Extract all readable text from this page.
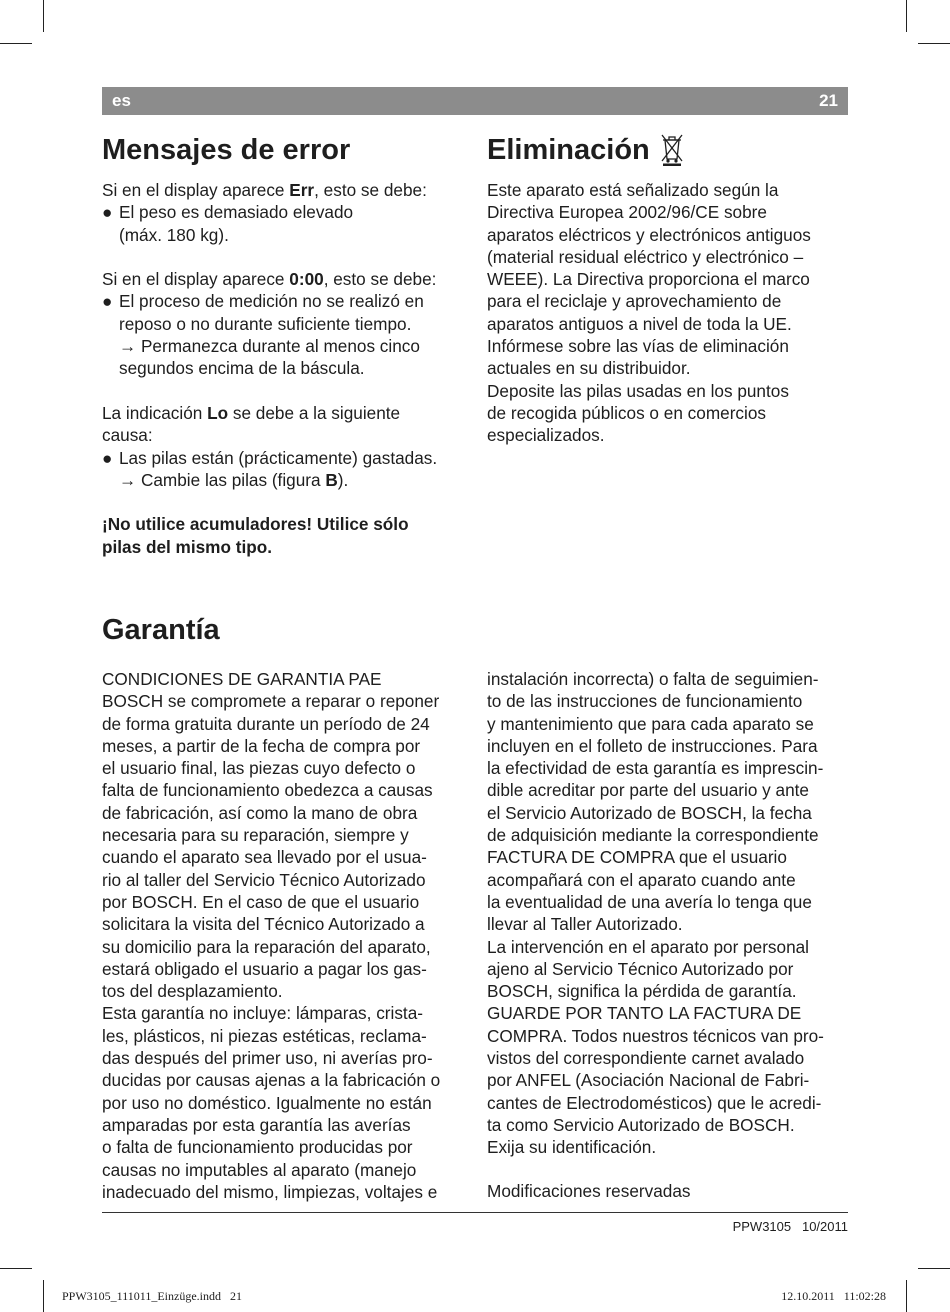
es	21
Mensajes de error

Si en el display aparece Err, esto se debe:

● El peso es demasiado elevado

(máx. 180 kg).

Si en el display aparece 0:00, esto se debe:

● El proceso de medición no se realizó en

reposo o no durante suficiente tiempo.

→ Permanezca durante al menos cinco

segundos encima de la báscula.

La indicación Lo se debe a la siguiente

causa:

● Las pilas están (prácticamente) gastadas.

→ Cambie las pilas (figura B).

¡No utilice acumuladores! Utilice sólo
pilas del mismo tipo.

Eliminación

Este aparato está señalizado según la

Directiva Europea 2002/96/CE sobre

aparatos eléctricos y electrónicos antiguos

(material residual eléctrico y electrónico –

WEEE). La Directiva proporciona el marco

para el reciclaje y aprovechamiento de

aparatos antiguos a nivel de toda la UE.

Infórmese sobre las vías de eliminación

actuales en su distribuidor.

Deposite las pilas usadas en los puntos

de recogida públicos o en comercios

especializados.

Garantía

CONDICIONES DE GARANTIA PAE

BOSCH se compromete a reparar o reponer

de forma gratuita durante un período de 24

meses, a partir de la fecha de compra por

el usuario final, las piezas cuyo defecto o

falta de funcionamiento obedezca a causas

de fabricación, así como la mano de obra

necesaria para su reparación, siempre y

cuando el aparato sea llevado por el usua-

rio al taller del Servicio Técnico Autorizado

por BOSCH. En el caso de que el usuario

solicitara la visita del Técnico Autorizado a

su domicilio para la reparación del aparato,

estará obligado el usuario a pagar los gas-

tos del desplazamiento.

Esta garantía no incluye: lámparas, crista-

les, plásticos, ni piezas estéticas, reclama-

das después del primer uso, ni averías pro-

ducidas por causas ajenas a la fabricación o

por uso no doméstico. Igualmente no están

amparadas por esta garantía las averías

o falta de funcionamiento producidas por

causas no imputables al aparato (manejo

inadecuado del mismo, limpiezas, voltajes e

instalación incorrecta) o falta de seguimien-

to de las instrucciones de funcionamiento

y mantenimiento que para cada aparato se

incluyen en el folleto de instrucciones. Para

la efectividad de esta garantía es imprescin-

dible acreditar por parte del usuario y ante

el Servicio Autorizado de BOSCH, la fecha

de adquisición mediante la correspondiente

FACTURA DE COMPRA que el usuario

acompañará con el aparato cuando ante

la eventualidad de una avería lo tenga que

llevar al Taller Autorizado.

La intervención en el aparato por personal

ajeno al Servicio Técnico Autorizado por

BOSCH, significa la pérdida de garantía.

GUARDE POR TANTO LA FACTURA DE

COMPRA. Todos nuestros técnicos van pro-

vistos del correspondiente carnet avalado

por ANFEL (Asociación Nacional de Fabri-

cantes de Electrodomésticos) que le acredi-

ta como Servicio Autorizado de BOSCH.

Exija su identificación.

Modificaciones reservadas
PPW3105   10/2011
PPW3105_111011_Einzüge.indd   21	12.10.2011   11:02:28
